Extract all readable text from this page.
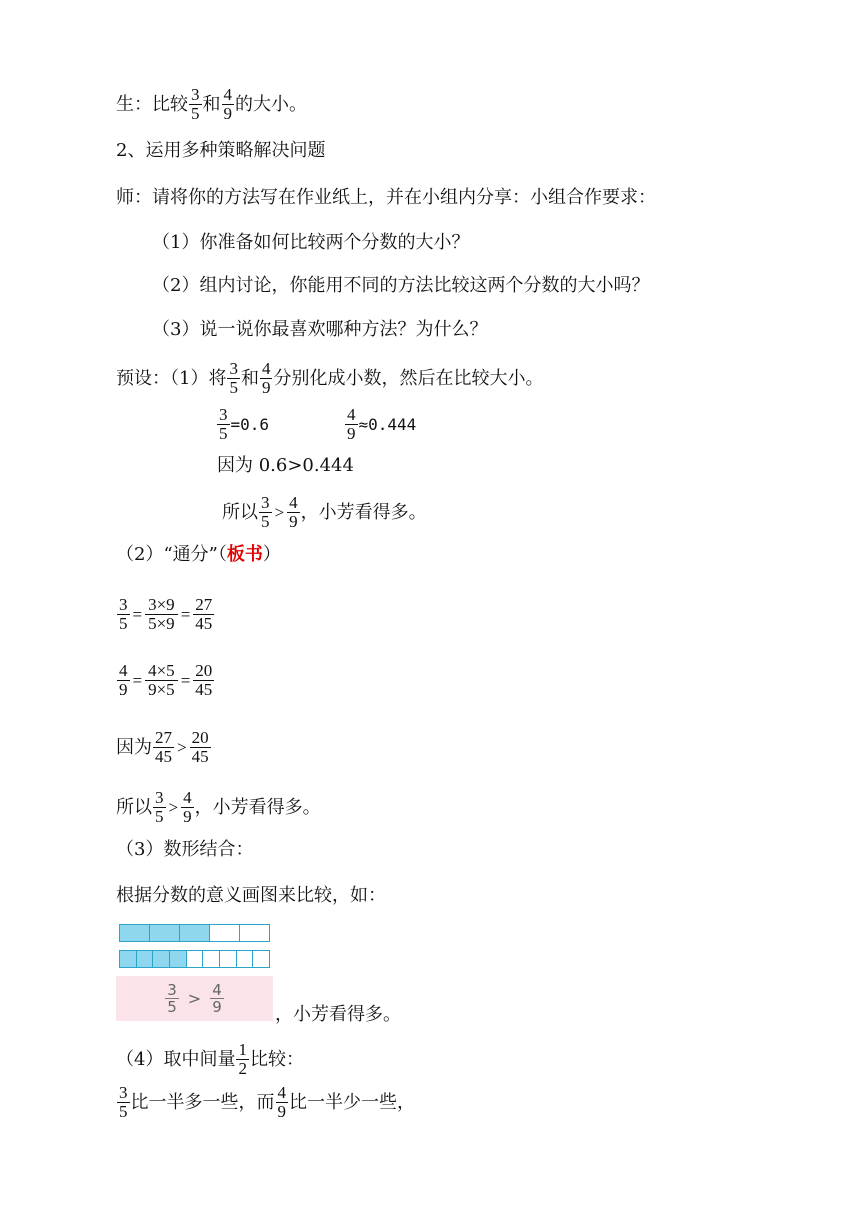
生：比较 $\frac{3}{5}$ 和 $\frac{4}{9}$ 的大小。
2、运用多种策略解决问题
师：请将你的方法写在作业纸上，并在小组内分享：小组合作要求：
（1）你准备如何比较两个分数的大小？
（2）组内讨论，你能用不同的方法比较这两个分数的大小吗？
（3）说一说你最喜欢哪种方法？为什么？
预设：（1）将 $\frac{3}{5}$ 和 $\frac{4}{9}$ 分别化成小数，然后在比较大小。
$\frac{3}{5} =0.6$	$\frac{4}{9} \approx 0.444$
因为 0.6>0.444
所以 $\frac{3}{5} > \frac{4}{9}$ ，小芳看得多。
（2）“通分”（ 板书 ）
$\frac{3}{5} = \frac{3\times 9}{5\times 9} = \frac{27}{45}$
$\frac{4}{9} = \frac{4\times 5}{9\times 5} = \frac{20}{45}$
因为 $\frac{27}{45} > \frac{20}{45}$
所以 $\frac{3}{5} > \frac{4}{9}$ ，小芳看得多。
（3）数形结合：
根据分数的意义画图来比较，如：
$\frac{3}{5} > \frac{4}{9}$	，小芳看得多。
（4）取中间量 $\frac{1}{2}$ 比较：
$\frac{3}{5}$ 比一半多一些，而 $\frac{4}{9}$ 比一半少一些，
